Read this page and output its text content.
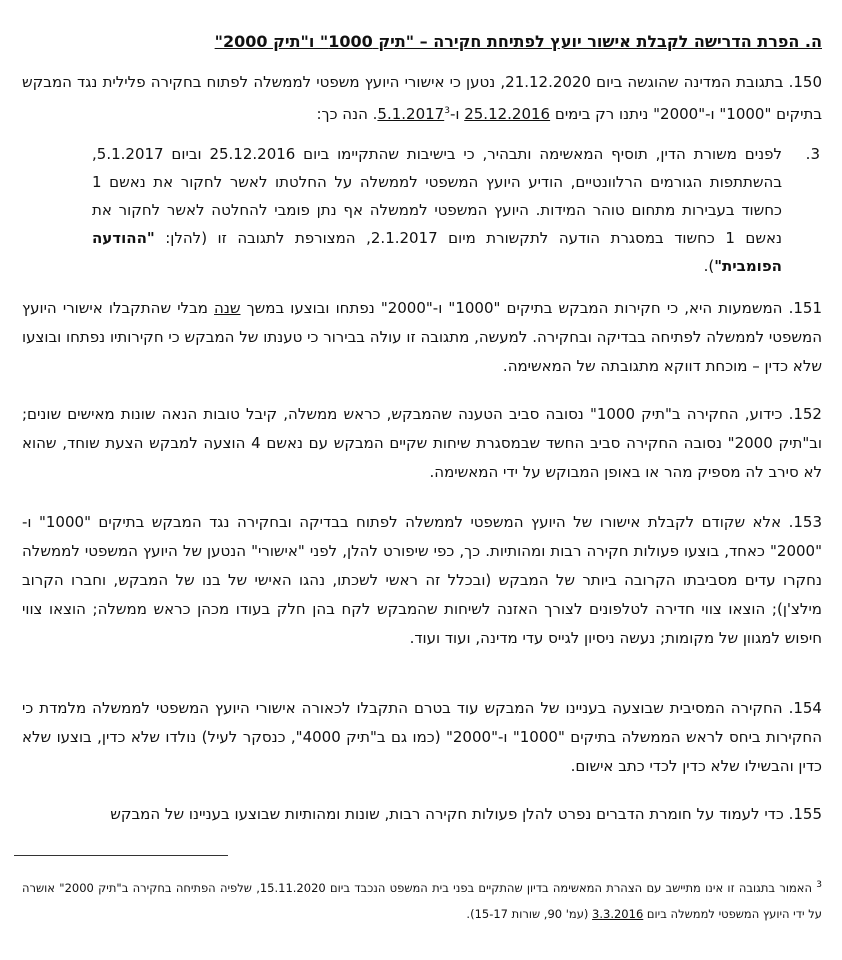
ה. הפרת הדרישה לקבלת אישור יועץ לפתיחת חקירה – "תיק 1000" ו"תיק 2000"
150. בתגובת המדינה שהוגשה ביום 21.12.2020, נטען כי אישורי היועץ משפטי לממשלה לפתוח בחקירה פלילית נגד המבקש בתיקים "1000" ו-"2000" ניתנו רק בימים 25.12.2016 ו-5.1.2017$^3$. הנה כך:
3.
לפנים משורת הדין, תוסיף המאשימה ותבהיר, כי בישיבות שהתקיימו ביום 25.12.2016 וביום 5.1.2017, בהשתתפות הגורמים הרלוונטיים, הודיע היועץ המשפטי לממשלה על החלטתו לאשר לחקור את נאשם 1 כחשוד בעבירות מתחום טוהר המידות. היועץ המשפטי לממשלה אף נתן פומבי להחלטה לאשר לחקור את נאשם 1 כחשוד במסגרת הודעה לתקשורת מיום 2.1.2017, המצורפת לתגובה זו (להלן: "ההודעה הפומבית").
151. המשמעות היא, כי חקירות המבקש בתיקים "1000" ו-"2000" נפתחו ובוצעו במשך שנה מבלי שהתקבלו אישורי היועץ המשפטי לממשלה לפתיחה בבדיקה ובחקירה. למעשה, מתגובה זו עולה בבירור כי טענתו של המבקש כי חקירותיו נפתחו ובוצעו שלא כדין – מוכחת דווקא מתגובתה של המאשימה.
152. כידוע, החקירה ב"תיק 1000" נסובה סביב הטענה שהמבקש, כראש ממשלה, קיבל טובות הנאה שונות מאישים שונים; וב"תיק 2000" נסובה החקירה סביב החשד שבמסגרת שיחות שקיים המבקש עם נאשם 4 הוצעה למבקש הצעת שוחד, שהוא לא סירב לה מספיק מהר או באופן המבוקש על ידי המאשימה.
153. אלא שקודם לקבלת אישורו של היועץ המשפטי לממשלה לפתוח בבדיקה ובחקירה נגד המבקש בתיקים "1000" ו-"2000" כאחד, בוצעו פעולות חקירה רבות ומהותיות. כך, כפי שיפורט להלן, לפני "אישורי" הנטען של היועץ המשפטי לממשלה נחקרו עדים מסביבתו הקרובה ביותר של המבקש (ובכלל זה ראשי לשכתו, נהגו האישי של בנו של המבקש, וחברו הקרוב מילצ'ן); הוצאו צווי חדירה לטלפונים לצורך האזנה לשיחות שהמבקש לקח בהן חלק בעודו מכהן כראש ממשלה; הוצאו צווי חיפוש למגוון של מקומות; נעשה ניסיון לגייס עדי מדינה, ועוד ועוד.
154. החקירה המסיבית שבוצעה בעניינו של המבקש עוד בטרם התקבלו לכאורה אישורי היועץ המשפטי לממשלה מלמדת כי החקירות ביחס לראש הממשלה בתיקים "1000" ו-"2000" (כמו גם ב"תיק 4000", כנסקר לעיל) נולדו שלא כדין, בוצעו שלא כדין והבשילו שלא כדין לכדי כתב אישום.
155. כדי לעמוד על חומרת הדברים נפרט להלן פעולות חקירה רבות, שונות ומהותיות שבוצעו בעניינו של המבקש
$^3$ האמור בתגובה זו אינו מתיישב עם הצהרת המאשימה בדיון שהתקיים בפני בית המשפט הנכבד ביום 15.11.2020, שלפיה הפתיחה בחקירה ב"תיק 2000" אושרה על ידי היועץ המשפטי לממשלה ביום 3.3.2016 (עמ' 90, שורות 15-17).
